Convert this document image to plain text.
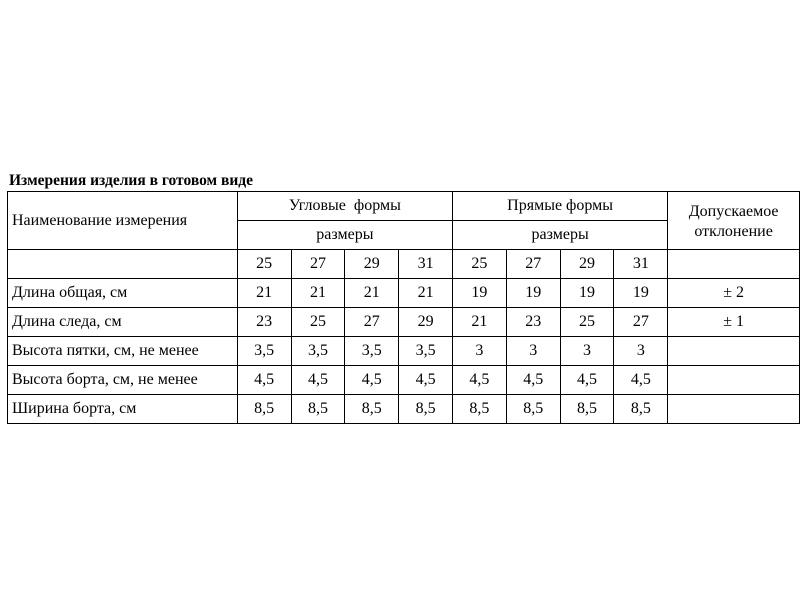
Измерения изделия в готовом виде
Наименование измерения	Угловые  формы				Прямые формы				Допускаемое отклонение
	размеры				размеры				
	25	27	29	31	25	27	29	31	
Длина общая, см	21	21	21	21	19	19	19	19	± 2
Длина следа, см	23	25	27	29	21	23	25	27	± 1
Высота пятки, см, не менее	3,5	3,5	3,5	3,5	3	3	3	3	
Высота борта, см, не менее	4,5	4,5	4,5	4,5	4,5	4,5	4,5	4,5	
Ширина борта, см	8,5	8,5	8,5	8,5	8,5	8,5	8,5	8,5	
